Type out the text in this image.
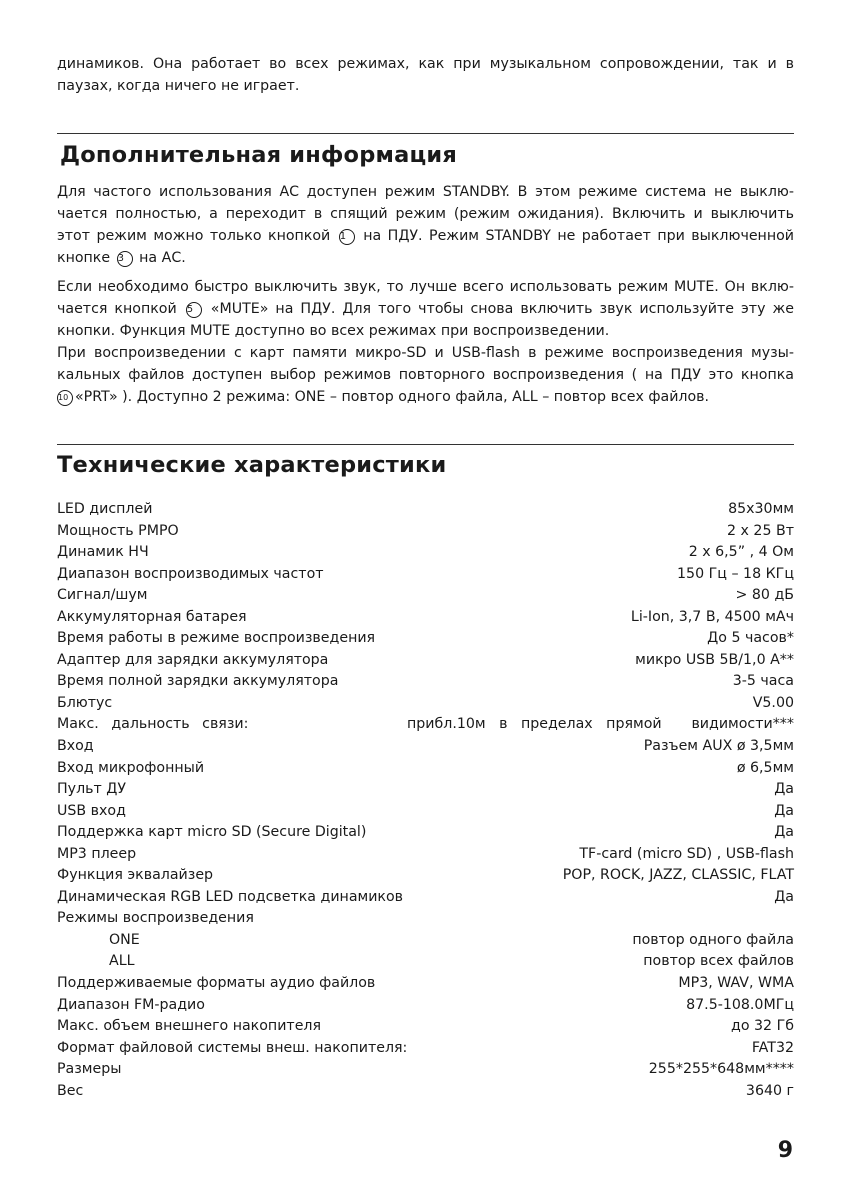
динамиков. Она работает во всех режимах, как при музыкальном сопровождении, так и в
паузах, когда ничего не играет.
Дополнительная информация
Для частого использования АС доступен режим STANDBY. В этом режиме система не выклю-
чается полностью, а переходит в спящий режим (режим ожидания). Включить и выключить
этот режим можно только кнопкой 1 на ПДУ. Режим STANDBY не работает при выключенной
кнопке 3 на АС.
Если необходимо быстро выключить звук, то лучше всего использовать режим MUTE. Он вклю-
чается кнопкой 5 «MUTE» на ПДУ. Для того чтобы снова включить звук используйте эту же
кнопки. Функция MUTE доступно во всех режимах при воспроизведении.
При воспроизведении с карт памяти микро-SD и USB-flash в режиме воспроизведения музы-
кальных файлов доступен выбор режимов повторного воспроизведения ( на ПДУ это кнопка
10 «PRT» ). Доступно 2 режима: ONE – повтор одного файла, ALL – повтор всех файлов.
Технические характеристики
LED дисплей	85х30мм
Мощность PMPO	2 х 25 Вт
Динамик НЧ	2 х 6,5” , 4 Ом
Диапазон воспроизводимых частот	150 Гц – 18 КГц
Сигнал/шум	> 80 дБ
Аккумуляторная батарея	Li-Ion, 3,7 В, 4500 мАч
Время работы в режиме воспроизведения	До 5 часов*
Адаптер для зарядки аккумулятора	микро USB 5В/1,0 А**
Время полной зарядки аккумулятора	3-5 часа
Блютус	V5.00
Макс. дальность связи:	прибл.10м в пределах прямой видимости***
Вход	Разъем AUX ø 3,5мм
Вход микрофонный	ø 6,5мм
Пульт ДУ	Да
USB вход	Да
Поддержка карт micro SD (Secure Digital)	Да
MP3 плеер	TF-card (micro SD) , USB-flash
Функция эквалайзер	POP, ROCK, JAZZ, CLASSIC, FLAT
Динамическая RGB LED подсветка динамиков	Да
Режимы воспроизведения
ONE	повтор одного файла
ALL	повтор всех файлов
Поддерживаемые форматы аудио файлов	MP3, WAV, WMA
Диапазон FM-радио	87.5-108.0МГц
Макс. объем внешнего накопителя	до 32 Гб
Формат файловой системы внеш. накопителя:	FAT32
Размеры	255*255*648мм****
Вес	3640 г
9
